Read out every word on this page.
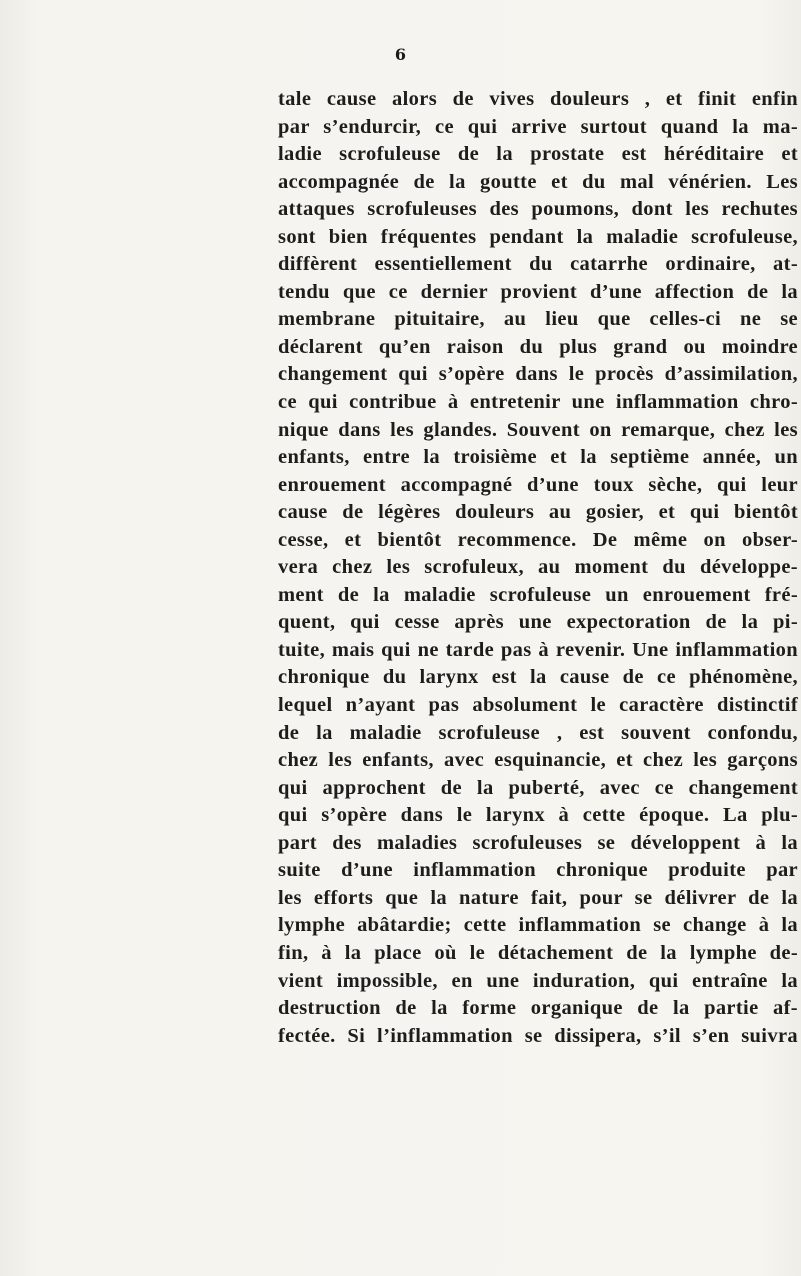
6
tale cause alors de vives douleurs , et finit enfin
par s’endurcir, ce qui arrive surtout quand la ma-
ladie scrofuleuse de la prostate est héréditaire et
accompagnée de la goutte et du mal vénérien. Les
attaques scrofuleuses des poumons, dont les rechutes
sont bien fréquentes pendant la maladie scrofuleuse,
diffèrent essentiellement du catarrhe ordinaire, at-
tendu que ce dernier provient d’une affection de la
membrane pituitaire, au lieu que celles-ci ne se
déclarent qu’en raison du plus grand ou moindre
changement qui s’opère dans le procès d’assimilation,
ce qui contribue à entretenir une inflammation chro-
nique dans les glandes. Souvent on remarque, chez les
enfants, entre la troisième et la septième année, un
enrouement accompagné d’une toux sèche, qui leur
cause de légères douleurs au gosier, et qui bientôt
cesse, et bientôt recommence. De même on obser-
vera chez les scrofuleux, au moment du développe-
ment de la maladie scrofuleuse un enrouement fré-
quent, qui cesse après une expectoration de la pi-
tuite, mais qui ne tarde pas à revenir. Une inflammation
chronique du larynx est la cause de ce phénomène,
lequel n’ayant pas absolument le caractère distinctif
de la maladie scrofuleuse , est souvent confondu,
chez les enfants, avec esquinancie, et chez les garçons
qui approchent de la puberté, avec ce changement
qui s’opère dans le larynx à cette époque. La plu-
part des maladies scrofuleuses se développent à la
suite d’une inflammation chronique produite par
les efforts que la nature fait, pour se délivrer de la
lymphe abâtardie; cette inflammation se change à la
fin, à la place où le détachement de la lymphe de-
vient impossible, en une induration, qui entraîne la
destruction de la forme organique de la partie af-
fectée. Si l’inflammation se dissipera, s’il s’en suivra
